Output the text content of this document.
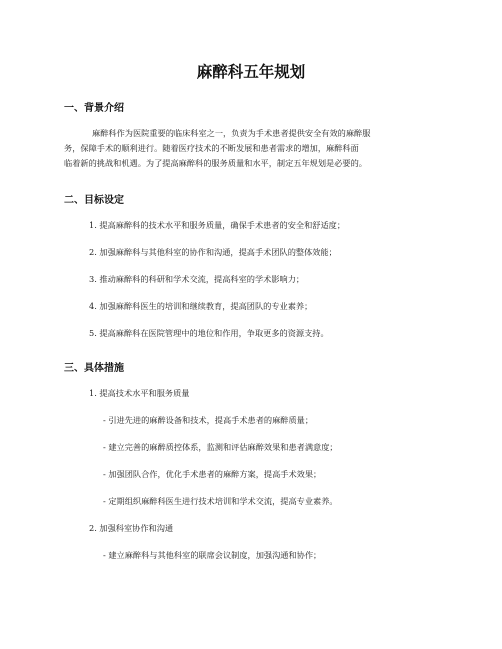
麻醉科五年规划
一、背景介绍
麻醉科作为医院重要的临床科室之一，负责为手术患者提供安全有效的麻醉服
务，保障手术的顺利进行。随着医疗技术的不断发展和患者需求的增加，麻醉科面
临着新的挑战和机遇。为了提高麻醉科的服务质量和水平，制定五年规划是必要的。
二、目标设定
1. 提高麻醉科的技术水平和服务质量，确保手术患者的安全和舒适度；
2. 加强麻醉科与其他科室的协作和沟通，提高手术团队的整体效能；
3. 推动麻醉科的科研和学术交流，提高科室的学术影响力；
4. 加强麻醉科医生的培训和继续教育，提高团队的专业素养；
5. 提高麻醉科在医院管理中的地位和作用，争取更多的资源支持。
三、具体措施
1. 提高技术水平和服务质量
- 引进先进的麻醉设备和技术，提高手术患者的麻醉质量；
- 建立完善的麻醉质控体系，监测和评估麻醉效果和患者满意度；
- 加强团队合作，优化手术患者的麻醉方案，提高手术效果；
- 定期组织麻醉科医生进行技术培训和学术交流，提高专业素养。
2. 加强科室协作和沟通
- 建立麻醉科与其他科室的联席会议制度，加强沟通和协作；
